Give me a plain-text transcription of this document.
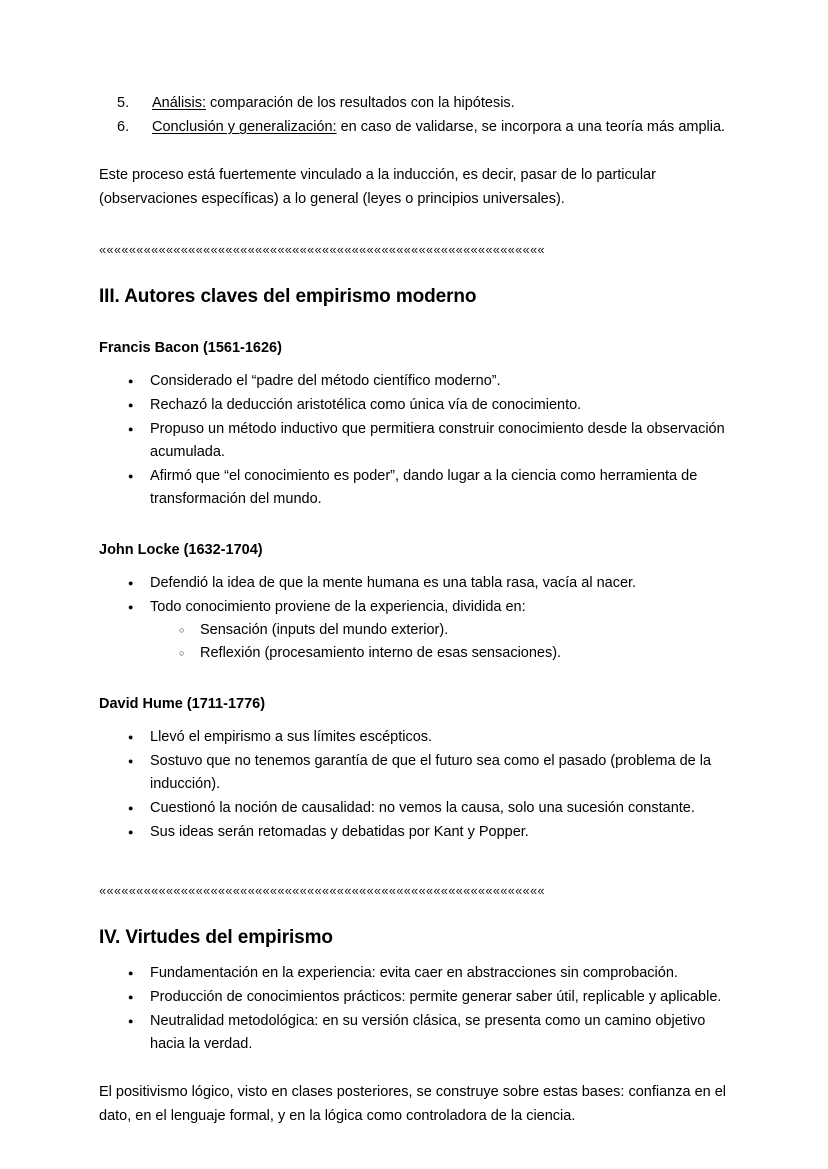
5.	Análisis: comparación de los resultados con la hipótesis.
6.	Conclusión y generalización: en caso de validarse, se incorpora a una teoría más amplia.

Este proceso está fuertemente vinculado a la inducción, es decir, pasar de lo particular (observaciones específicas) a lo general (leyes o principios universales).

««««««««««««««««««««««««««««««««««««««««««««««««««««««««««««
III. Autores claves del empirismo moderno
Francis Bacon (1561-1626)
●
Considerado el “padre del método científico moderno”.
●
Rechazó la deducción aristotélica como única vía de conocimiento.
●
Propuso un método inductivo que permitiera construir conocimiento desde la observación acumulada.
●
Afirmó que “el conocimiento es poder”, dando lugar a la ciencia como herramienta de transformación del mundo.
John Locke (1632-1704)
●
Defendió la idea de que la mente humana es una tabla rasa, vacía al nacer.
●
Todo conocimiento proviene de la experiencia, dividida en:
○
Sensación (inputs del mundo exterior).
○
Reflexión (procesamiento interno de esas sensaciones).
David Hume (1711-1776)
●
Llevó el empirismo a sus límites escépticos.
●
Sostuvo que no tenemos garantía de que el futuro sea como el pasado (problema de la inducción).
●
Cuestionó la noción de causalidad: no vemos la causa, solo una sucesión constante.
●
Sus ideas serán retomadas y debatidas por Kant y Popper.
««««««««««««««««««««««««««««««««««««««««««««««««««««««««««««
IV. Virtudes del empirismo
●
Fundamentación en la experiencia: evita caer en abstracciones sin comprobación.
●
Producción de conocimientos prácticos: permite generar saber útil, replicable y aplicable.
●
Neutralidad metodológica: en su versión clásica, se presenta como un camino objetivo hacia la verdad.

El positivismo lógico, visto en clases posteriores, se construye sobre estas bases: confianza en el dato, en el lenguaje formal, y en la lógica como controladora de la ciencia.
